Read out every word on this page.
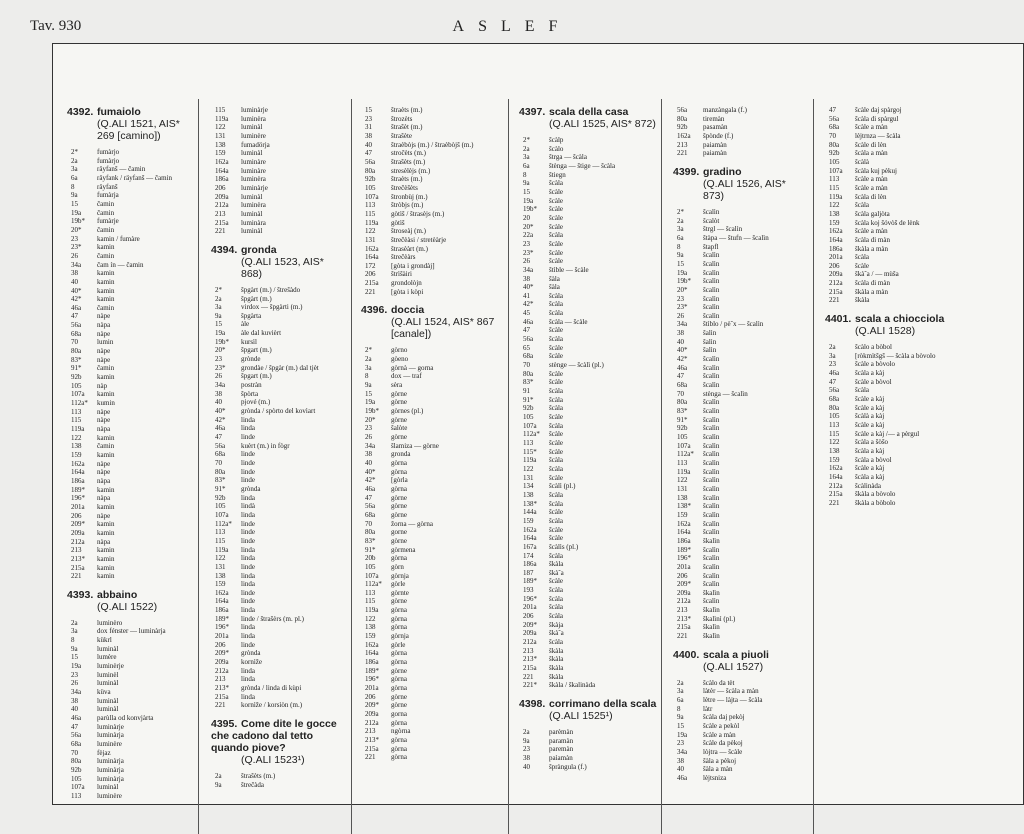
Tav. 930	ASLEF
4392. fumaiolo
(Q.ALI 1521, AIS* 269 [camino])
2*	fumàrjo
2a	fumàrjo
3a	räyfanš — čamin
6a	räyfank / räyfanš — čamin
8	räyfanš
9a	fumàrja
15	čamin
19a čamin
19b* fumàrje
20* čamin
23	kamin / fumàre
23* kamin
26	čamin
34a čam ín — čamin
38	kamin
40	kamin
40* kamin
42* kamin
46a čamin
47	nàpe
56a nàpa
68a nàpe
70	lumin
80a nàpe
83* nàpe
91* čamin
92b kamin
105 nàp
107a kamin
112a* kumin
113 nàpe
115 nàpe
119a nàpa
122 kamin
138 čamin
159 kamin
162a nàpe
164a nàpe
186a nàpa
189* kamin
196* nàpa
201a kamin
206 nàpe
209* kamin
209a kamin
212a nàpa
213 kamin
213* kamin
215a kamin
221 kamin
4393. abbaino
(Q.ALI 1522)
2a	luminèro
3a	dox fénster — luminàrja
8	kükrl
9a	luminàl
15	lumère
19a luminèrje
23	luminèl
26	luminàl
34a küva
38	luminàl
40	luminàl
46a parùlla od konvjàrta
47	luminàrje
56a luminàrja
68a luminère
70	fèjaz
80a luminàrja
92b luminàrja
105 luminàrja
107a luminàl
113 luminère
115 luminàrje
119a luminèra
122 luminàl
131 luminère
138 fumadörja
159 luminàl
162a luminàre
164a luminàre
186a luminèra
206 luminàrje
209a luminàl
212a luminèra
213 luminàl
215a luminàra
221 luminàl
4394. gronda
(Q.ALI 1523, AIS* 868)
2*	špgàrt (m.) / štrešàdo
2a	špgàrt (m.)
3a	virdox — špgàrti (m.)
9a	špgàrta
15	àle
19a àle dal kuvièrt
19b* kursìl
20* špgart (m.)
23	grònde
23* grondàe / špgàr (m.) dal tjèt
26	špgart (m.)
34a postràn
38	špòrta
40	pjové (m.)
40* grònda / spòrto del kovìart
42* linda
46a linda
47	linde
56a kuèrt (m.) in fògr
68a linde
70	linde
80a linde
83* linde
91* grònda
92b linda
105 lindà
107a linda
112a* linde
113 linde
115 linde
119a linda
122 linda
131 linde
138 linda
159 linda
162a linde
164a linde
186a linda
189* linde / štrašèrs (m. pl.)
196* linda
201a linda
206 linde
209* grònda
209a kornìže
212a linda
213 linda
213* grònda / linda di kùpi
215a linda
221 kornìže / korsìòn (m.)
4395. Come dite le gocce che cadono dal tetto quando piove?
(Q.ALI 1523¹)
2a	štrašèts (m.)
9a	štrečàda
15	štraèts (m.)
23	štrozèts
31	štrašèt (m.)
38	štrašète
40	štraèbòjs (m.) / štraèbòjš (m.)
47	stročèts (m.)
56a štrašèts (m.)
80a stresèlèjs (m.)
92b štraèts (m.)
105 štrečèšèts
107a štronbùj (m.)
113 štròbjs (m.)
115 gòtìš / štrasèjs (m.)
119a gòtìš
122 štroseàj (m.)
131 štrečèàsi / stretèàrje
162a štrasèàrt (m.)
164a štrečèàrs
172 [gòta i grondàj]
206 štrìšàiri
215a grondolòjn
221 [gòta i kòpi
4396. doccia
(Q.ALI 1524, AIS* 867 [canale])
2*	gòrno
2a	gòeno
3a	gòrnà — gorna
8	dox — traf
9a	sèra
15	gòrne
19a gòrne
19b* gòrnes (pl.)
20* gòrne
23	šalòte
26	gòrne
34a šlamiza — gòrne
38	gronda
40	gòrna
40* gòrna
42* [gòrla
46a gòrna
47	gòrne
56a gòrne
68a gòrne
70	žorna — gòrna
80a gorne
83* gòrne
91* gòrmena
20b gòrna
105 gòrn
107a gòrnja
112a* gòrle
113 gòrnte
115 gòrne
119a gòrna
122 gòrna
138 gòrna
159 gòrnja
162a gòrle
164a gòrna
186a gòrna
189* gòrne
196* gòrna
201a gòrna
206 gòrne
209* gòrne
209a gorna
212a gòrna
213 ngòrna
213* gòrna
215a gòrna
221 gòrna
4397. scala della casa
(Q.ALI 1525, AIS* 872)
2*	šcàlp
2a	šcàlo
3a	štrga — šcàla
6a	štènga — štige — šcàla
8	štiegn
9a	šcàla
15	šcàle
19a šcàle
19b* šcàle
20	šcàle
20* šcàle
22a šcàla
23	šcàle
23* šcàle
26	šcàle
34a štìble — šcàle
38	šàla
40* šàla
41	šcàla
42* šcàla
45	šcàla
46a šcàla — šcàle
47	šcàle
56a šcàla
65	šcàle
68a šcàle
70	stènge — šcàlì (pl.)
80a šcàle
83* šcàle
91	šcàla
91* šcàla
92b šcàla
105 šcàle
107a šcàla
112a* šcàle
113 šcàle
115* šcàle
119a šcàla
122 šcàla
131 šcàle
134 šcàlì (pl.)
138 šcàla
138* šcàla
144a šcàle
159 šcàla
162a šcàle
164a šcàle
167a šcàlìs (pl.)
174 šcàla
186a škàla
187 škàˇa
189* šcàle
193 šcàla
196* šcàla
201a šcàla
206 šcàla
209* škàja
209a škàˇa
212a šcàla
213 škàla
213* škàla
215a škàla
221 škàla
221* škàla / škalinàda
4398. corrimano della scala
(Q.ALI 1525¹)
2a	parèmàn
9a	paramàn
23	paremàn
38	paìamàn
40	špràngula (f.)
56a manzàngala (f.)
80a tiremàn
92b pasamàn
162a špònde (f.)
213 paiamàn
221 paiamàn
4399. gradino
(Q.ALI 1526, AIS* 873)
2*	šcalìn
2a	šcalòt
3a	štrgl — šcalìn
6a	štàpa — štufn — šcalìn
8	štapfl
9a	šcalìn
15	šcalìn
19a šcalìn
19b* šcalìn
20* šcalìn
23	šcalìn
23* šcalìn
26	šcalìn
34a štìblo / pèˇx — šcalìn
38	šalìn
40	šalìn
40* šalìn
42* šcalìn
46a šcalìn
47	šcalìn
68a šcalìn
70	stènga — šcalìn
80a šcalìn
83* šcalìn
91* šcalìn
92b šcalìn
105 šcalìn
107a šcalìn
112a* šcalìn
113 šcalìn
119a šcalìn
122 šcalìn
131 šcalìn
138 šcalìn
138* šcalìn
159 šcalìn
162a šcalìn
164a šcalìn
186a škalìn
189* šcalìn
196* šcalìn
201a šcalìn
206 šcalìn
209* šcalìn
209a škalìn
212a šcalìn
213 škalìn
213* škalìnì (pl.)
215a škalìn
221 škalìn
4400. scala a piuoli
(Q.ALI 1527)
2a	šcàlo da tèt
3a	làtèr — šcàla a màn
6a	lètre — làjta — šcàla
8	làtr
9a	šcàla daj pekòj
15	šcàle a pekòl
19a šcàle a màn
23	šcàle da pèkoj
34a lòjtra — šcàle
38	šàla a pèkoj
40	šàla a màn
46a lèjtsniza
47	šcàle daj spàrgoj
56a šcàla di spàrgul
68a šcàle a màn
70	lèjtrnza — šcàla
80a šcàle di lèn
92b šcàla a màn
105 šcàlà
107a šcàla kuj pèkuj
113 šcàle a màn
115 šcàle a màn
119a šcàla di lèn
122 šcàla
138 šcàla galjòta
159 šcàla koj šóvòš de lènk
162a šcàle a màn
164a šcàla di màn
186a škàla a màn
201a šcàla
206 šcàle
209a škàˇa / — mùša
212a šcàla di màn
215a škàla a màn
221 škàla
4401. scala a chiocciola
(Q.ALI 1528)
2a	šcàlo a bòbol
3a	[ròkmìtšgš — šcàla a bòvolo
23	šcàle a bòvolo
46a šcàla a kàj
47	šcàle a bòvol
56a šcàla
68a šcàle a kàj
80a šcàle a kàj
105 šcàlà a kàj
113 šcàle a kàj
115 šcàle a kàj /— a pèrgul
122 šcàla a šòšo
138 šcàla a kàj
159 šcàla a bòvol
162a šcàle a kàj
164a šcàla a kàj
212a šcàlinàda
215a škàla a bòvolo
221 škàla a bòbolo
